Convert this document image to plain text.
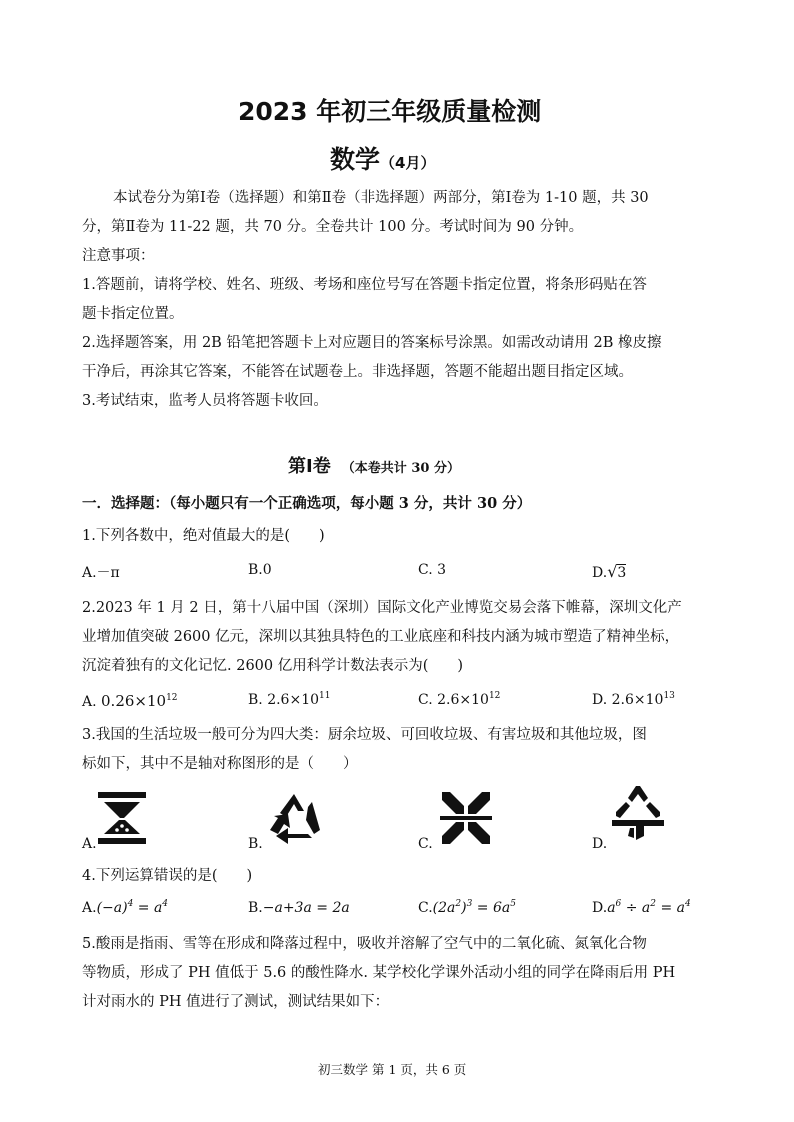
2023 年初三年级质量检测
数学（4月）
本试卷分为第Ⅰ卷（选择题）和第Ⅱ卷（非选择题）两部分，第Ⅰ卷为 1-10 题，共 30
分，第Ⅱ卷为 11-22 题，共 70 分。全卷共计 100 分。考试时间为 90 分钟。
注意事项：
1.答题前，请将学校、姓名、班级、考场和座位号写在答题卡指定位置，将条形码贴在答
题卡指定位置。
2.选择题答案，用 2B 铅笔把答题卡上对应题目的答案标号涂黑。如需改动请用 2B 橡皮擦
干净后，再涂其它答案，不能答在试题卷上。非选择题，答题不能超出题目指定区域。
3.考试结束，监考人员将答题卡收回。
第Ⅰ卷 （本卷共计 30 分）
一．选择题：（每小题只有一个正确选项，每小题 3 分，共计 30 分）
1.下列各数中，绝对值最大的是(　　)
A.－π	B.0	C. 3	D.√3
2.2023 年 1 月 2 日，第十八届中国（深圳）国际文化产业博览交易会落下帷幕，深圳文化产
业增加值突破 2600 亿元，深圳以其独具特色的工业底座和科技内涵为城市塑造了精神坐标，
沉淀着独有的文化记忆. 2600 亿用科学计数法表示为(　　)
A. $0.26\times 10^{12}$	B. $2.6\times 10^{11}$	C. $2.6\times 10^{12}$	D. $2.6\times 10^{13}$
3.我国的生活垃圾一般可分为四大类：厨余垃圾、可回收垃圾、有害垃圾和其他垃圾，图
标如下，其中不是轴对称图形的是（　　）
A.	B.	C.	D.
4.下列运算错误的是(　　)
$A.(-a)^4 = a^4$	B.−a+3a = 2a	$C.(2a^2)^3 = 6a^5$	$D.a^6 \div a^2 = a^4$
5.酸雨是指雨、雪等在形成和降落过程中，吸收并溶解了空气中的二氧化硫、氮氧化合物
等物质，形成了 PH 值低于 5.6 的酸性降水. 某学校化学课外活动小组的同学在降雨后用 PH
计对雨水的 PH 值进行了测试，测试结果如下：
初三数学 第 1 页，共 6 页
